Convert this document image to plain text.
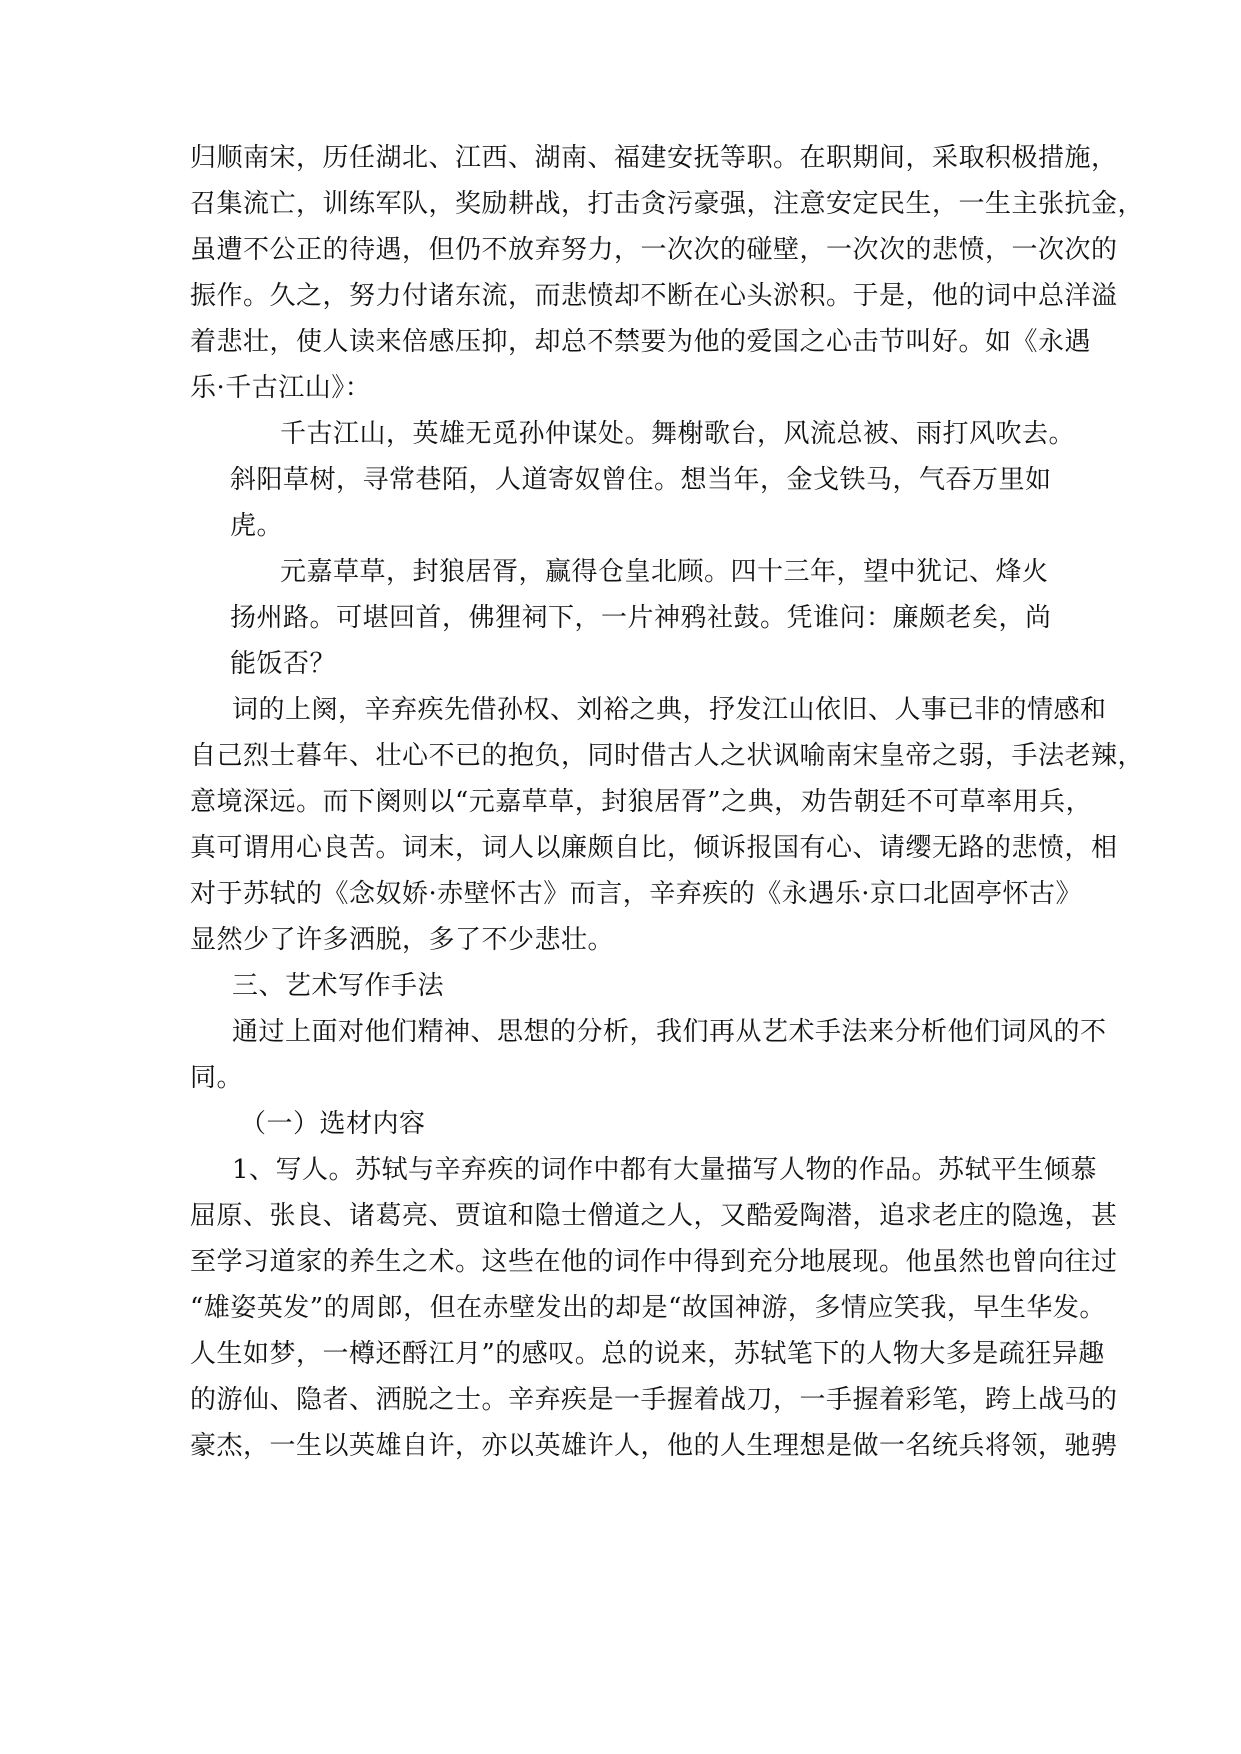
归顺南宋，历任湖北、江西、湖南、福建安抚等职。在职期间，采取积极措施，
召集流亡，训练军队，奖励耕战，打击贪污豪强，注意安定民生，一生主张抗金，
虽遭不公正的待遇，但仍不放弃努力，一次次的碰壁，一次次的悲愤，一次次的
振作。久之，努力付诸东流，而悲愤却不断在心头淤积。于是，他的词中总洋溢
着悲壮，使人读来倍感压抑，却总不禁要为他的爱国之心击节叫好。如《永遇
乐·千古江山》：
千古江山，英雄无觅孙仲谋处。舞榭歌台，风流总被、雨打风吹去。
斜阳草树，寻常巷陌，人道寄奴曾住。想当年，金戈铁马，气吞万里如
虎。
元嘉草草，封狼居胥，赢得仓皇北顾。四十三年，望中犹记、烽火
扬州路。可堪回首，佛狸祠下，一片神鸦社鼓。凭谁问：廉颇老矣，尚
能饭否？
词的上阕，辛弃疾先借孙权、刘裕之典，抒发江山依旧、人事已非的情感和
自己烈士暮年、壮心不已的抱负，同时借古人之状讽喻南宋皇帝之弱，手法老辣，
意境深远。而下阕则以“元嘉草草，封狼居胥”之典，劝告朝廷不可草率用兵，
真可谓用心良苦。词末，词人以廉颇自比，倾诉报国有心、请缨无路的悲愤，相
对于苏轼的《念奴娇·赤壁怀古》而言，辛弃疾的《永遇乐·京口北固亭怀古》
显然少了许多洒脱，多了不少悲壮。
三、艺术写作手法
通过上面对他们精神、思想的分析，我们再从艺术手法来分析他们词风的不
同。
（一）选材内容
1、写人。苏轼与辛弃疾的词作中都有大量描写人物的作品。苏轼平生倾慕
屈原、张良、诸葛亮、贾谊和隐士僧道之人，又酷爱陶潜，追求老庄的隐逸，甚
至学习道家的养生之术。这些在他的词作中得到充分地展现。他虽然也曾向往过
“雄姿英发”的周郎，但在赤壁发出的却是“故国神游，多情应笑我，早生华发。
人生如梦，一樽还酹江月”的感叹。总的说来，苏轼笔下的人物大多是疏狂异趣
的游仙、隐者、洒脱之士。辛弃疾是一手握着战刀，一手握着彩笔，跨上战马的
豪杰，一生以英雄自许，亦以英雄许人，他的人生理想是做一名统兵将领，驰骋
